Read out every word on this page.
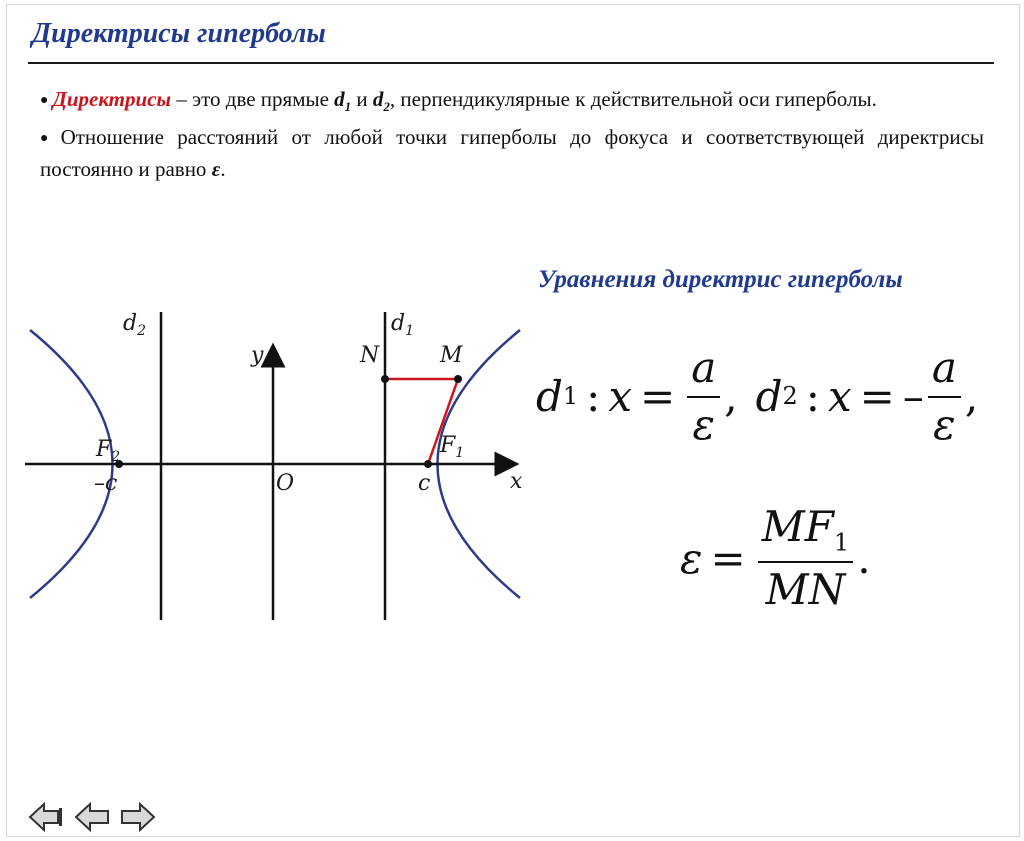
Директрисы гиперболы

● Директрисы – это две прямые $d_1$ и $d_2$, перпендикулярные к действительной оси гиперболы.

● Отношение расстояний от любой точки гиперболы до фокуса и соответствующей директрисы постоянно и равно ε.

Уравнения директрис гиперболы
$d_2$	$d_1$
y	N	M
$F_2$	$F_1$
–c	O	c	x
d 1 : $x = \frac{a}{\varepsilon}$ , d 2 : x = – $\frac{a}{\varepsilon}$ ,
$\varepsilon = \frac{MF_1}{MN}$ .
